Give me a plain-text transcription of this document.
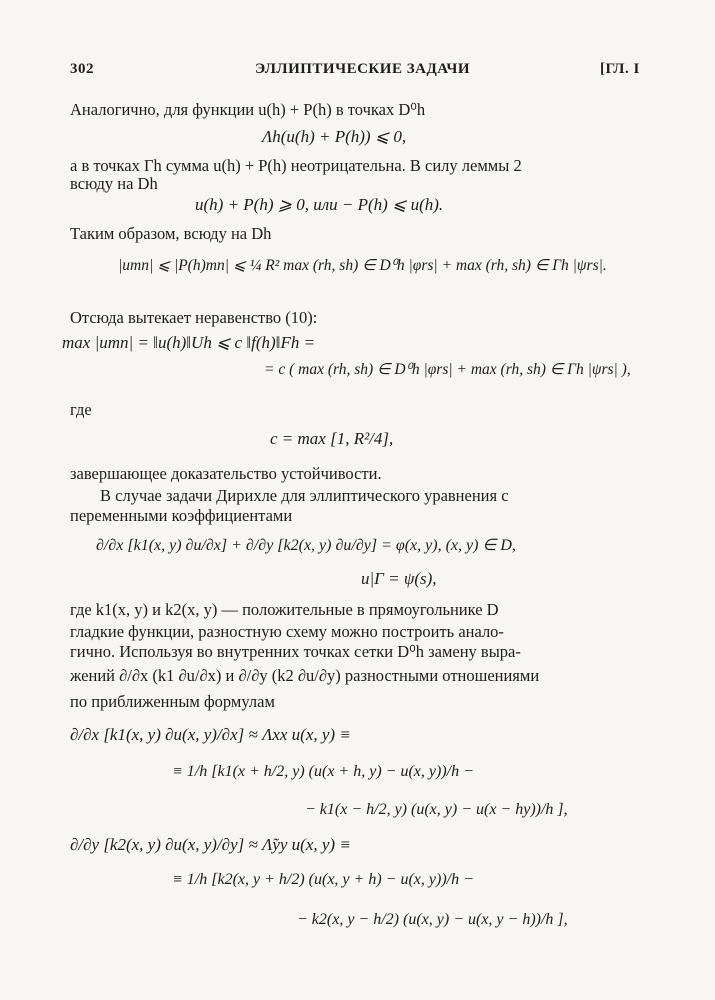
302	ЭЛЛИПТИЧЕСКИЕ ЗАДАЧИ	[ГЛ. I
Аналогично, для функции u(h) + P(h) в точках D⁰h
Λh(u(h) + P(h)) ⩽ 0,
а в точках Γh сумма u(h) + P(h) неотрицательна. В силу леммы 2
всюду на Dh
u(h) + P(h) ⩾ 0, или − P(h) ⩽ u(h).
Таким образом, всюду на Dh
|umn| ⩽ |P(h)mn| ⩽ ¼ R² max (rh, sh) ∈ D⁰h |φrs| + max (rh, sh) ∈ Γh |ψrs|.
Отсюда вытекает неравенство (10):
max |umn| = ‖u(h)‖Uh ⩽ c ‖f(h)‖Fh =
= c ( max (rh, sh) ∈ D⁰h |φrs| + max (rh, sh) ∈ Γh |ψrs| ),
где
c = max [1, R²/4],
завершающее доказательство устойчивости.
В случае задачи Дирихле для эллиптического уравнения с
переменными коэффициентами
∂/∂x [k1(x, y) ∂u/∂x] + ∂/∂y [k2(x, y) ∂u/∂y] = φ(x, y), (x, y) ∈ D,
u|Γ = ψ(s),
где k1(x, y) и k2(x, y) — положительные в прямоугольнике D
гладкие функции, разностную схему можно построить анало-
гично. Используя во внутренних точках сетки D⁰h замену выра-
жений ∂/∂x (k1 ∂u/∂x) и ∂/∂y (k2 ∂u/∂y) разностными отношениями
по приближенным формулам
∂/∂x [k1(x, y) ∂u(x, y)/∂x] ≈ Λxx u(x, y) ≡
≡ 1/h [k1(x + h/2, y) (u(x + h, y) − u(x, y))/h −
− k1(x − h/2, y) (u(x, y) − u(x − hy))/h ],
∂/∂y [k2(x, y) ∂u(x, y)/∂y] ≈ Λ̃yy u(x, y) ≡
≡ 1/h [k2(x, y + h/2) (u(x, y + h) − u(x, y))/h −
− k2(x, y − h/2) (u(x, y) − u(x, y − h))/h ],
